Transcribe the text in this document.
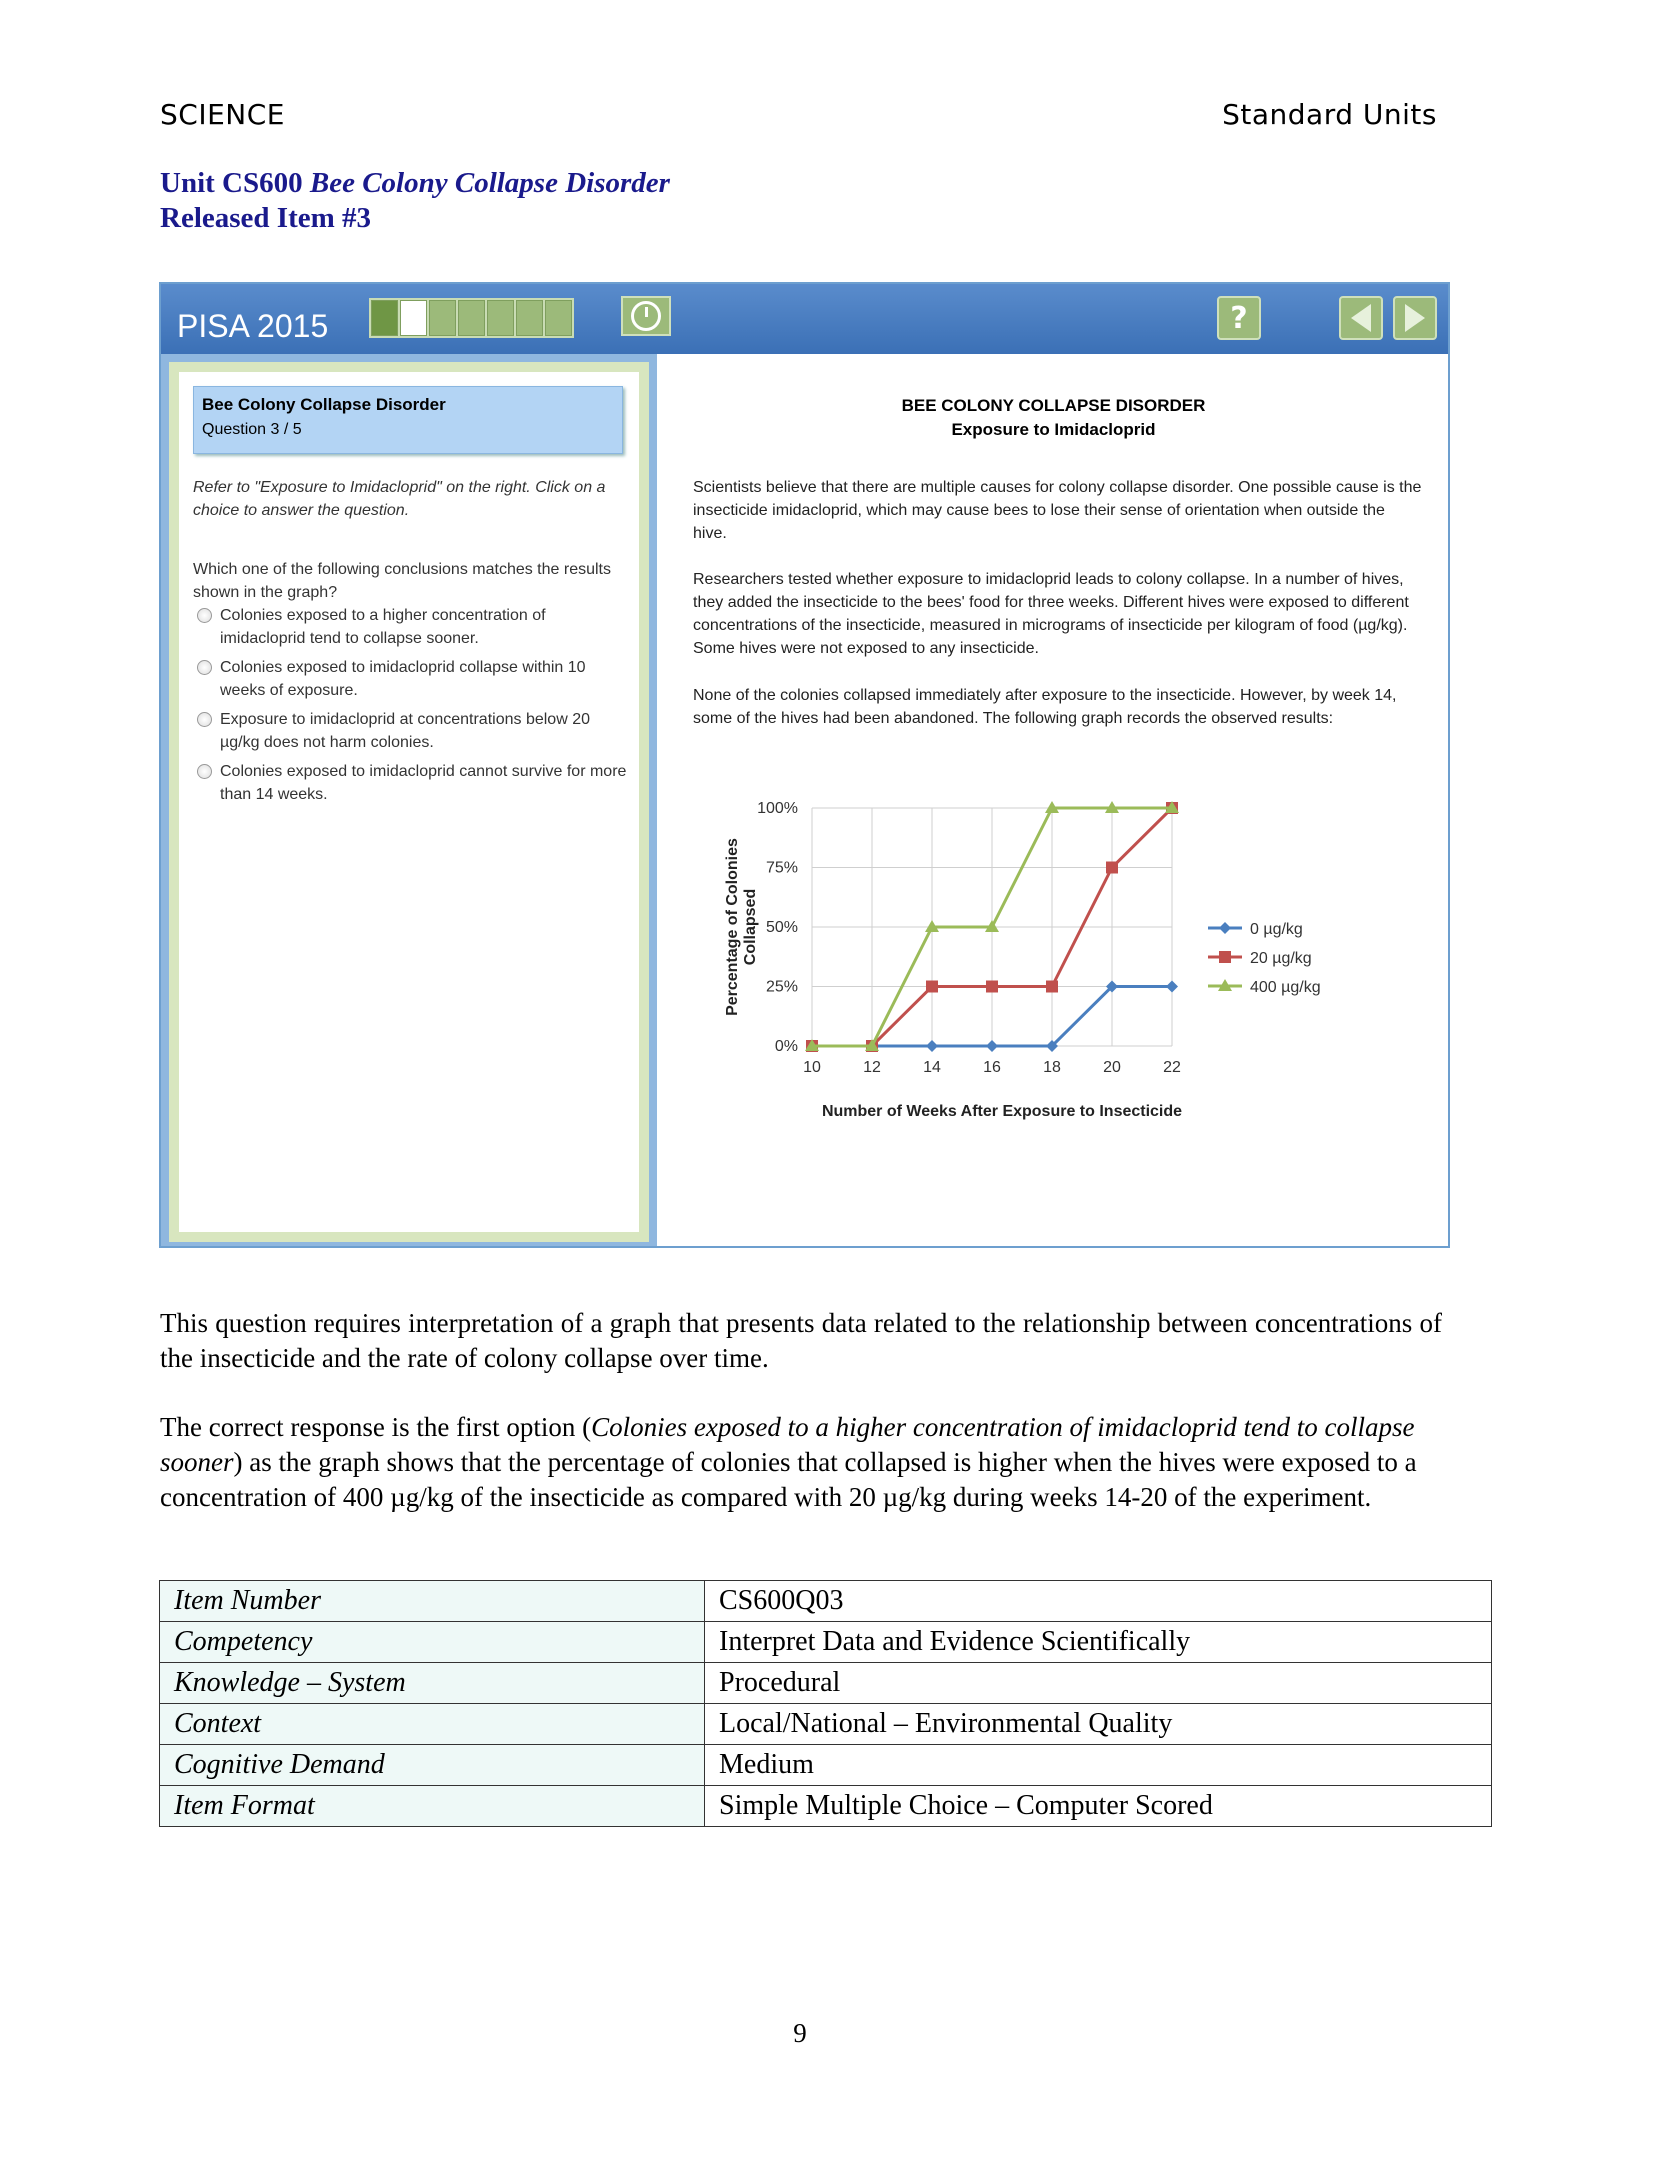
SCIENCE	Standard Units
Unit CS600 Bee Colony Collapse Disorder
Released Item #3
PISA 2015	?
Bee Colony Collapse Disorder
Question 3 / 5
Refer to "Exposure to Imidacloprid" on the right. Click on a choice to answer the question.
Which one of the following conclusions matches the results shown in the graph?
Colonies exposed to a higher concentration of imidacloprid tend to collapse sooner.
Colonies exposed to imidacloprid collapse within 10 weeks of exposure.
Exposure to imidacloprid at concentrations below 20 µg/kg does not harm colonies.
Colonies exposed to imidacloprid cannot survive for more than 14 weeks.
BEE COLONY COLLAPSE DISORDER
Exposure to Imidacloprid
Scientists believe that there are multiple causes for colony collapse disorder. One possible cause is the insecticide imidacloprid, which may cause bees to lose their sense of orientation when outside the hive.
Researchers tested whether exposure to imidacloprid leads to colony collapse. In a number of hives, they added the insecticide to the bees' food for three weeks. Different hives were exposed to different concentrations of the insecticide, measured in micrograms of insecticide per kilogram of food (µg/kg). Some hives were not exposed to any insecticide.
None of the colonies collapsed immediately after exposure to the insecticide. However, by week 14, some of the hives had been abandoned. The following graph records the observed results:
0%
25%
50%
75%
100%
10	12	14	16	18	20	22
Number of Weeks After Exposure to Insecticide
Percentage of Colonies Collapsed	0 µg/kg
20 µg/kg
400 µg/kg
This question requires interpretation of a graph that presents data related to the relationship between concentrations of the insecticide and the rate of colony collapse over time.
The correct response is the first option (Colonies exposed to a higher concentration of imidacloprid tend to collapse sooner) as the graph shows that the percentage of colonies that collapsed is higher when the hives were exposed to a concentration of 400 µg/kg of the insecticide as compared with 20 µg/kg during weeks 14-20 of the experiment.
Item Number	CS600Q03
Competency	Interpret Data and Evidence Scientifically
Knowledge – System	Procedural
Context	Local/National – Environmental Quality
Cognitive Demand	Medium
Item Format	Simple Multiple Choice – Computer Scored
9
